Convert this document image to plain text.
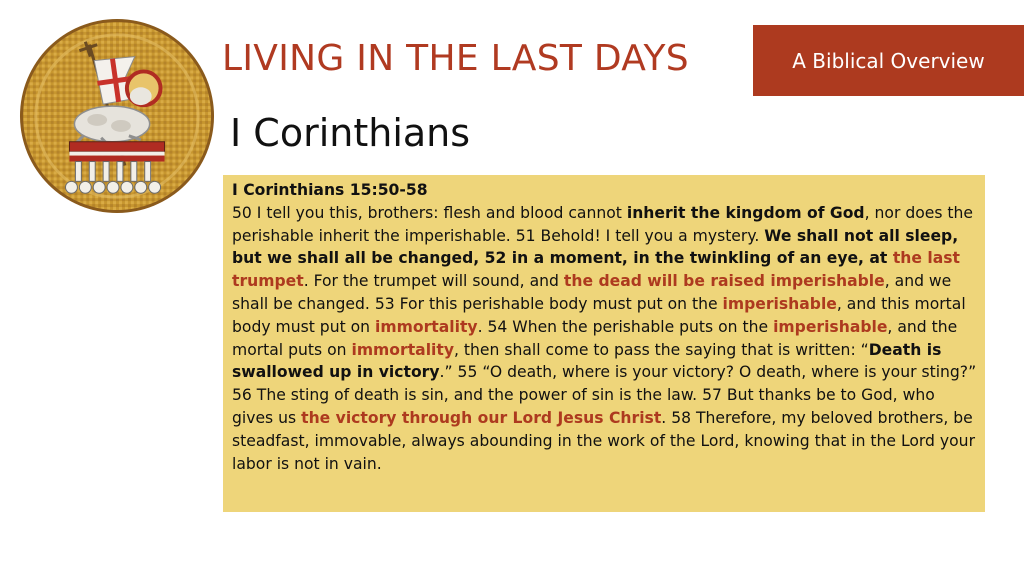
LIVING IN THE LAST DAYS	A Biblical Overview
I Corinthians
I Corinthians 15:50-58
50 I tell you this, brothers: flesh and blood cannot inherit the kingdom of God, nor does the perishable inherit the imperishable. 51 Behold! I tell you a mystery. We shall not all sleep, but we shall all be changed, 52 in a moment, in the twinkling of an eye, at the last trumpet. For the trumpet will sound, and the dead will be raised imperishable, and we shall be changed. 53 For this perishable body must put on the imperishable, and this mortal body must put on immortality. 54 When the perishable puts on the imperishable, and the mortal puts on immortality, then shall come to pass the saying that is written: “Death is swallowed up in victory.” 55 “O death, where is your victory? O death, where is your sting?” 56 The sting of death is sin, and the power of sin is the law. 57 But thanks be to God, who gives us the victory through our Lord Jesus Christ. 58 Therefore, my beloved brothers, be steadfast, immovable, always abounding in the work of the Lord, knowing that in the Lord your labor is not in vain.
